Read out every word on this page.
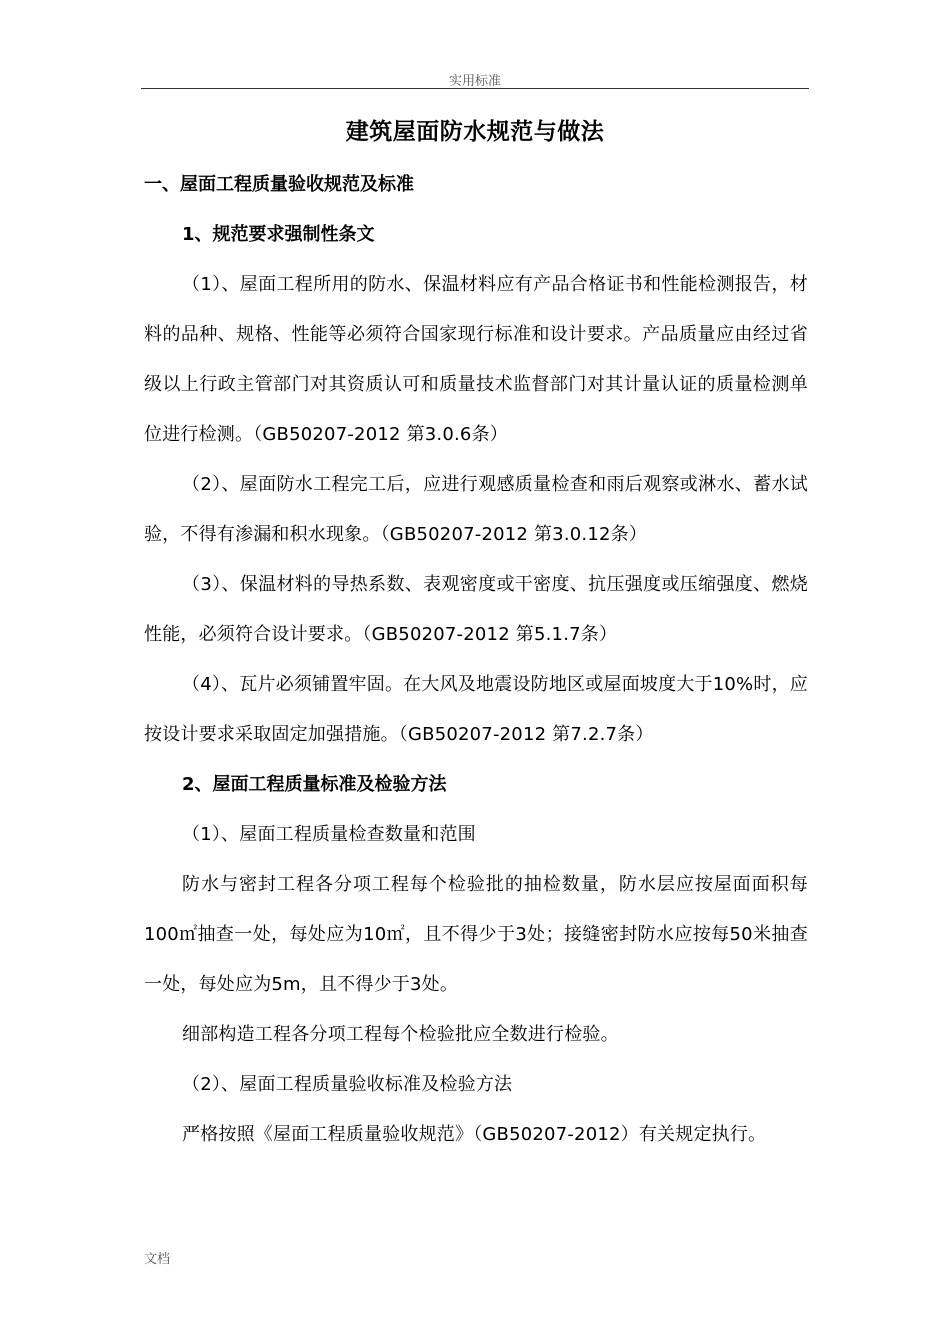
实用标准
建筑屋面防水规范与做法
一、屋面工程质量验收规范及标准
1、规范要求强制性条文

（1）、屋面工程所用的防水、保温材料应有产品合格证书和性能检测报告，材料的品种、规格、性能等必须符合国家现行标准和设计要求。产品质量应由经过省级以上行政主管部门对其资质认可和质量技术监督部门对其计量认证的质量检测单位进行检测。（GB50207-2012 第3.0.6条）

（2）、屋面防水工程完工后，应进行观感质量检查和雨后观察或淋水、蓄水试验，不得有渗漏和积水现象。（GB50207-2012 第3.0.12条）

（3）、保温材料的导热系数、表观密度或干密度、抗压强度或压缩强度、燃烧性能，必须符合设计要求。（GB50207-2012 第5.1.7条）

（4）、瓦片必须铺置牢固。在大风及地震设防地区或屋面坡度大于10%时，应按设计要求采取固定加强措施。（GB50207-2012 第7.2.7条）

2、屋面工程质量标准及检验方法

（1）、屋面工程质量检查数量和范围

防水与密封工程各分项工程每个检验批的抽检数量，防水层应按屋面面积每100㎡抽查一处，每处应为10㎡，且不得少于3处；接缝密封防水应按每50米抽查一处，每处应为5m，且不得少于3处。

细部构造工程各分项工程每个检验批应全数进行检验。

（2）、屋面工程质量验收标准及检验方法

严格按照《屋面工程质量验收规范》（GB50207-2012）有关规定执行。

文档
